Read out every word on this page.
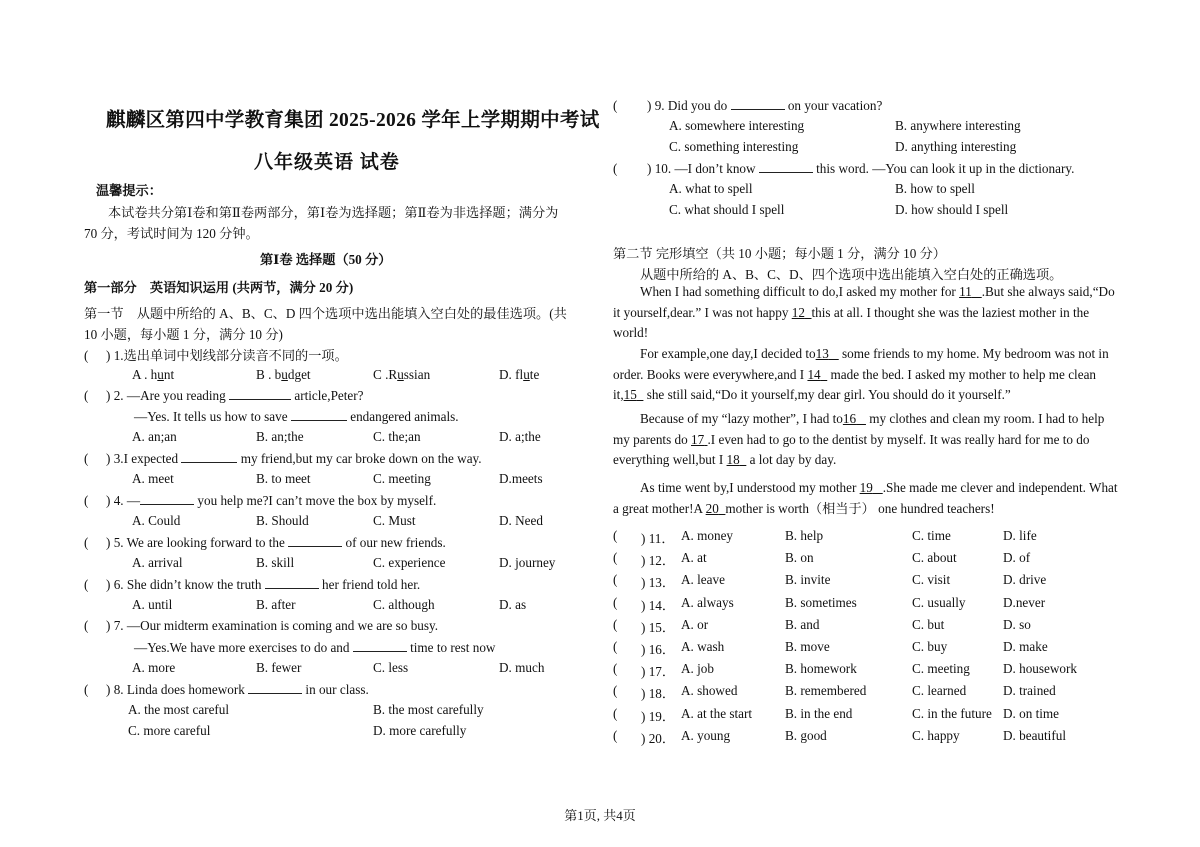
麒麟区第四中学教育集团 2025-2026 学年上学期期中考试
八年级英语 试卷
温馨提示：
本试卷共分第Ⅰ卷和第Ⅱ卷两部分，第Ⅰ卷为选择题；第Ⅱ卷为非选择题；满分为
70 分，考试时间为 120 分钟。
第Ⅰ卷 选择题（50 分）
第一部分　英语知识运用 (共两节，满分 20 分)
第一节　从题中所给的 A、B、C、D 四个选项中选出能填入空白处的最佳选项。(共
10 小题，每小题 1 分，满分 10 分)
( ) 1.选出单词中划线部分读音不同的一项。
A . hunt	B . budget	C .Russian	D. flute
( ) 2. —Are you reading	article,Peter?
—Yes. It tells us how to save	endangered animals.
A. an;an	B. an;the	C. the;an	D. a;the
( ) 3.I expected	my friend,but my car broke down on the way.
A. meet	B. to meet	C. meeting	D.meets
( ) 4. —	you help me?I can’t move the box by myself.
A. Could	B. Should	C. Must	D. Need
( ) 5. We are looking forward to the	of our new friends.
A. arrival	B. skill	C. experience	D. journey
( ) 6. She didn’t know the truth	her friend told her.
A. until	B. after	C. although	D. as
( ) 7. —Our midterm examination is coming and we are so busy.
—Yes.We have more exercises to do and	time to rest now
A. more	B. fewer	C. less	D. much
( ) 8. Linda does homework	in our class.
A. the most careful	B. the most carefully
C. more careful	D. more carefully
( ) 9. Did you do	on your vacation?
A. somewhere interesting	B. anywhere interesting
C. something interesting	D. anything interesting
( ) 10. —I don’t know	this word. —You can look it up in the dictionary.
A. what to spell	B. how to spell
C. what should I spell	D. how should I spell
第二节 完形填空（共 10 小题；每小题 1 分，满分 10 分）
从题中所给的 A、B、C、D、四个选项中选出能填入空白处的正确选项。
When I had something difficult to do,I asked my mother for 11 .But she always said,“Do it yourself,dear.” I was not happy 12 this at all. I thought she was the laziest mother in the world!
For example,one day,I decided to13    some friends to my home. My bedroom was not in order. Books were everywhere,and I 14   made the bed. I asked my mother to help me clean it,15   she still said,“Do it yourself,my dear girl. You should do it yourself.”
Because of my “lazy mother”, I had to16    my clothes and clean my room. I had to help my parents do 17 .I even had to go to the dentist by myself. It was really hard for me to do everything well,but I 18   a lot day by day.
As time went by,I understood my mother 19 .She made me clever and independent. What a great mother!A 20 mother is worth（相当于） one hundred teachers!
( ) 11． A. money	B. help	C. time	D. life
( ) 12． A. at	B. on	C. about	D. of
( ) 13． A. leave	B. invite	C. visit	D. drive
( ) 14． A. always	B. sometimes	C. usually	D.never
( ) 15． A. or	B. and	C. but	D. so
( ) 16． A. wash	B. move	C. buy	D. make
( ) 17． A. job	B. homework	C. meeting	D. housework
( ) 18． A. showed	B. remembered	C. learned	D. trained
( ) 19． A. at the start B. in the end	C. in the future D. on time
( ) 20． A. young	B. good	C. happy	D. beautiful
第1页, 共4页
